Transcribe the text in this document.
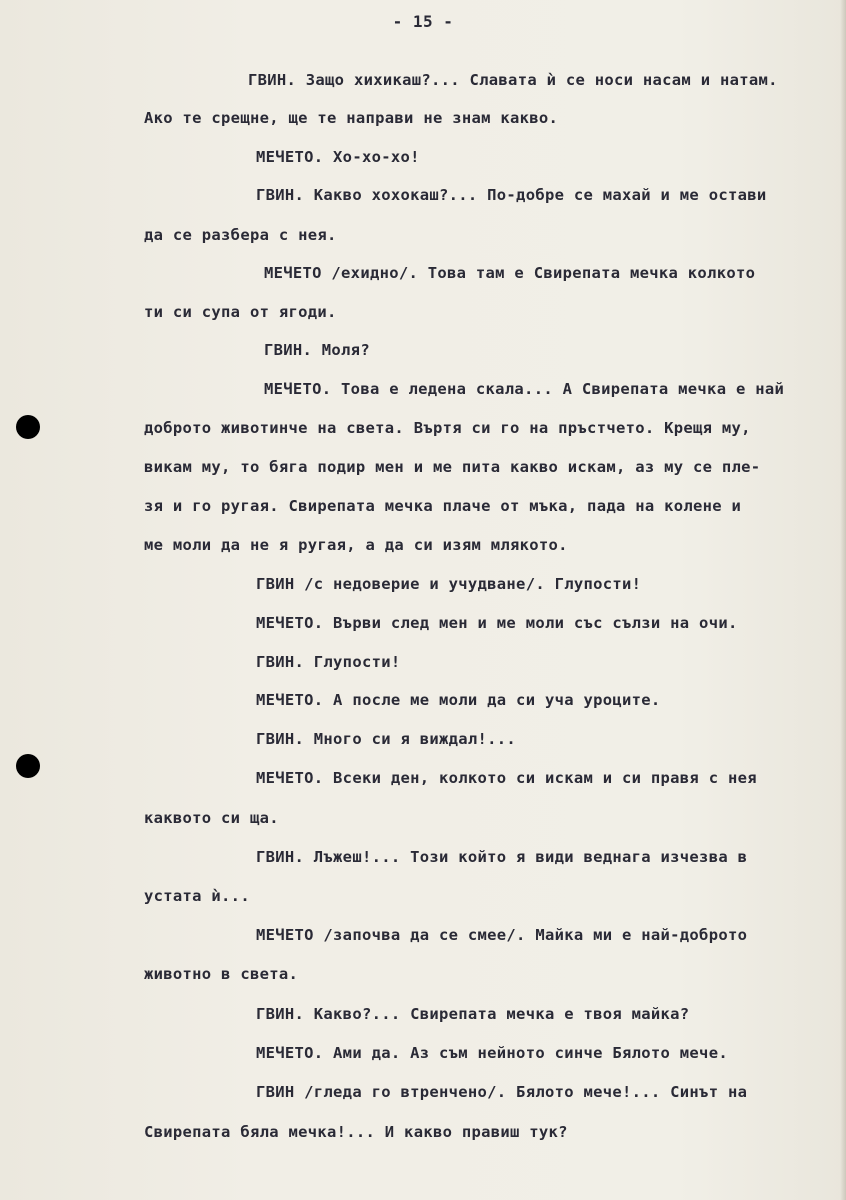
- 15 -
ГВИН. Защо хихикаш?... Славата ѝ се носи насам и натам.
Ако те срещне, ще те направи не знам какво.
МЕЧЕТО. Хо-хо-хо!
ГВИН. Какво хохокаш?... По-добре се махай и ме остави
да се разбера с нея.
МЕЧЕТО /ехидно/. Това там е Свирепата мечка колкото
ти си супа от ягоди.
ГВИН. Моля?
МЕЧЕТО. Това е ледена скала... А Свирепата мечка е най
доброто животинче на света. Въртя си го на пръстчето. Крещя му,
викам му, то бяга подир мен и ме пита какво искам, аз му се пле-
зя и го ругая. Свирепата мечка плаче от мъка, пада на колене и
ме моли да не я ругая, а да си изям млякото.
ГВИН /с недоверие и учудване/. Глупости!
МЕЧЕТО. Върви след мен и ме моли със сълзи на очи.
ГВИН. Глупости!
МЕЧЕТО. А после ме моли да си уча уроците.
ГВИН. Много си я виждал!...
МЕЧЕТО. Всеки ден, колкото си искам и си правя с нея
каквото си ща.
ГВИН. Лъжеш!... Този който я види веднага изчезва в
устата ѝ...
МЕЧЕТО /започва да се смее/. Майка ми е най-доброто
животно в света.
ГВИН. Какво?... Свирепата мечка е твоя майка?
МЕЧЕТО. Ами да. Аз съм нейното синче Бялото мече.
ГВИН /гледа го втренчено/. Бялото мече!... Синът на
Свирепата бяла мечка!... И какво правиш тук?
